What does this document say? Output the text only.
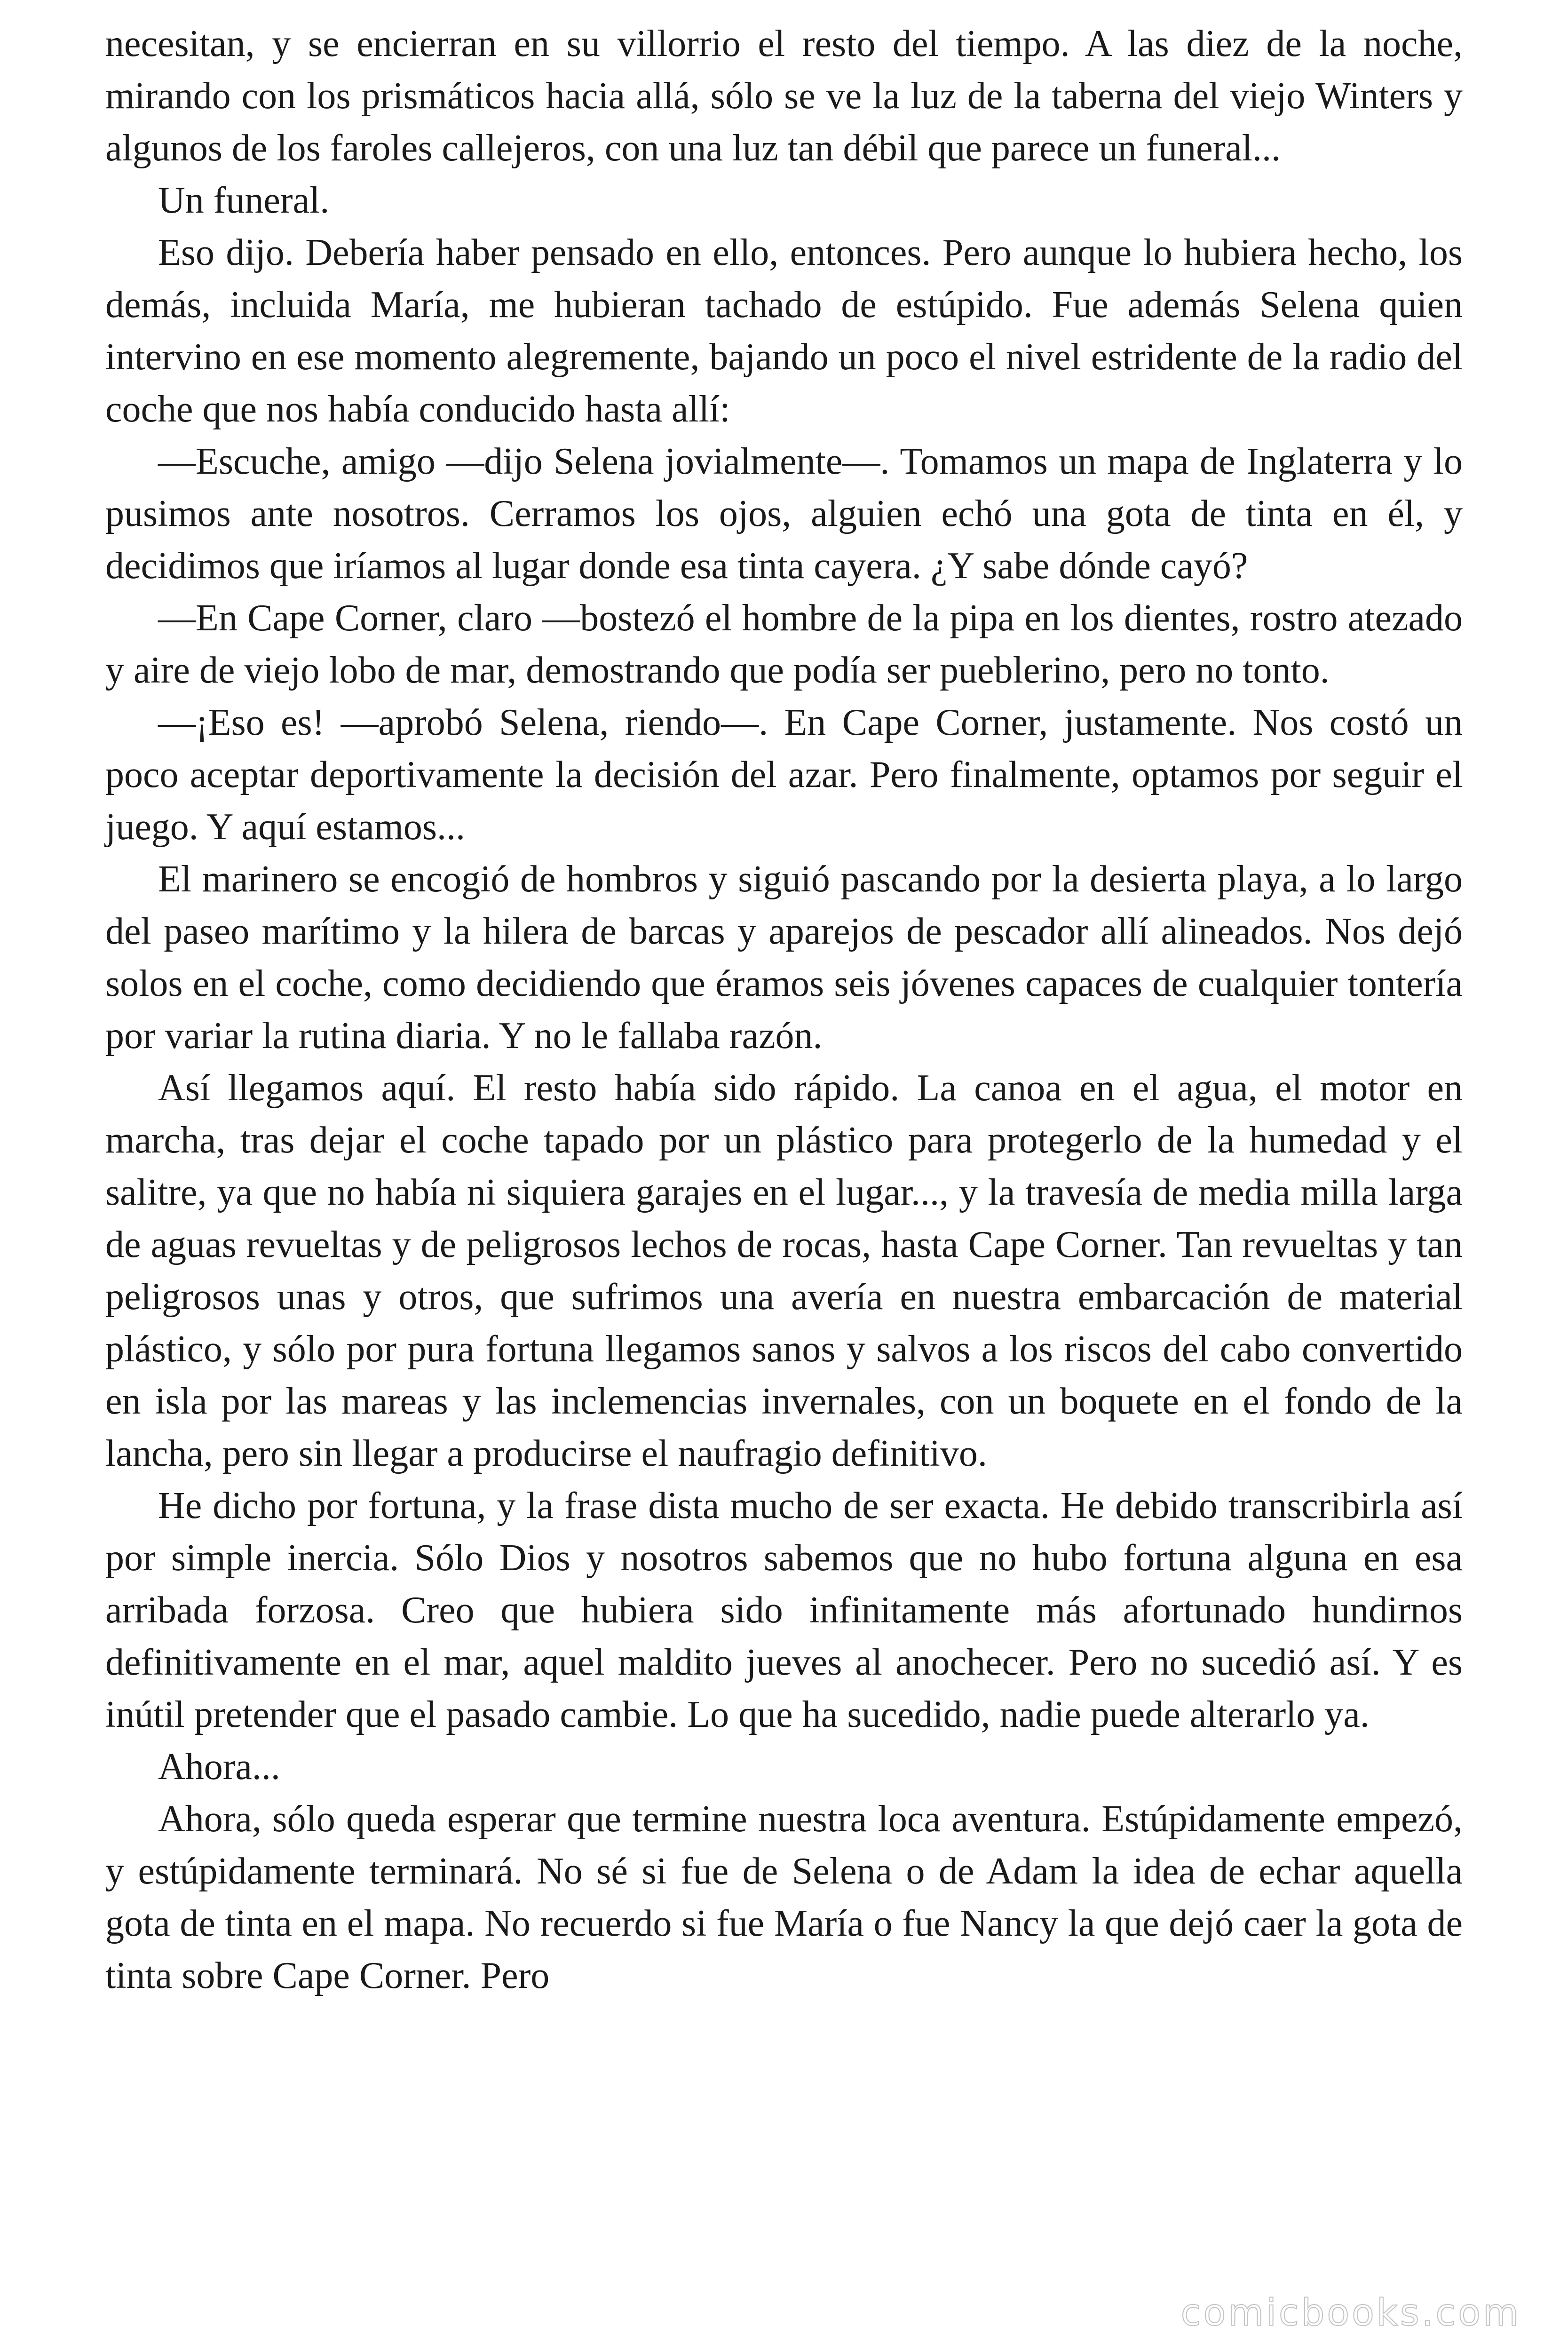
necesitan, y se encierran en su villorrio el resto del tiempo. A las diez de la noche, mirando con los prismáticos hacia allá, sólo se ve la luz de la taberna del viejo Winters y algunos de los faroles callejeros, con una luz tan débil que parece un funeral...

Un funeral.

Eso dijo. Debería haber pensado en ello, entonces. Pero aunque lo hubiera hecho, los demás, incluida María, me hubieran tachado de estúpido. Fue además Selena quien intervino en ese momento alegremente, bajando un poco el nivel estridente de la radio del coche que nos había conducido hasta allí:

—Escuche, amigo —dijo Selena jovialmente—. Tomamos un mapa de Inglaterra y lo pusimos ante nosotros. Cerramos los ojos, alguien echó una gota de tinta en él, y decidimos que iríamos al lugar donde esa tinta cayera. ¿Y sabe dónde cayó?

—En Cape Corner, claro —bostezó el hombre de la pipa en los dientes, rostro atezado y aire de viejo lobo de mar, demostrando que podía ser pueblerino, pero no tonto.

—¡Eso es! —aprobó Selena, riendo—. En Cape Corner, justamente. Nos costó un poco aceptar deportivamente la decisión del azar. Pero finalmente, optamos por seguir el juego. Y aquí estamos...

El marinero se encogió de hombros y siguió pascando por la desierta playa, a lo largo del paseo marítimo y la hilera de barcas y aparejos de pescador allí alineados. Nos dejó solos en el coche, como decidiendo que éramos seis jóvenes capaces de cualquier tontería por variar la rutina diaria. Y no le fallaba razón.

Así llegamos aquí. El resto había sido rápido. La canoa en el agua, el motor en marcha, tras dejar el coche tapado por un plástico para protegerlo de la humedad y el salitre, ya que no había ni siquiera garajes en el lugar..., y la travesía de media milla larga de aguas revueltas y de peligrosos lechos de rocas, hasta Cape Corner. Tan revueltas y tan peligrosos unas y otros, que sufrimos una avería en nuestra embarcación de material plástico, y sólo por pura fortuna llegamos sanos y salvos a los riscos del cabo convertido en isla por las mareas y las inclemencias invernales, con un boquete en el fondo de la lancha, pero sin llegar a producirse el naufragio definitivo.

He dicho por fortuna, y la frase dista mucho de ser exacta. He debido transcribirla así por simple inercia. Sólo Dios y nosotros sabemos que no hubo fortuna alguna en esa arribada forzosa. Creo que hubiera sido infinitamente más afortunado hundirnos definitivamente en el mar, aquel maldito jueves al anochecer. Pero no sucedió así. Y es inútil pretender que el pasado cambie. Lo que ha sucedido, nadie puede alterarlo ya.

Ahora...

Ahora, sólo queda esperar que termine nuestra loca aventura. Estúpidamente empezó, y estúpidamente terminará. No sé si fue de Selena o de Adam la idea de echar aquella gota de tinta en el mapa. No recuerdo si fue María o fue Nancy la que dejó caer la gota de tinta sobre Cape Corner. Pero

comicbooks.com
